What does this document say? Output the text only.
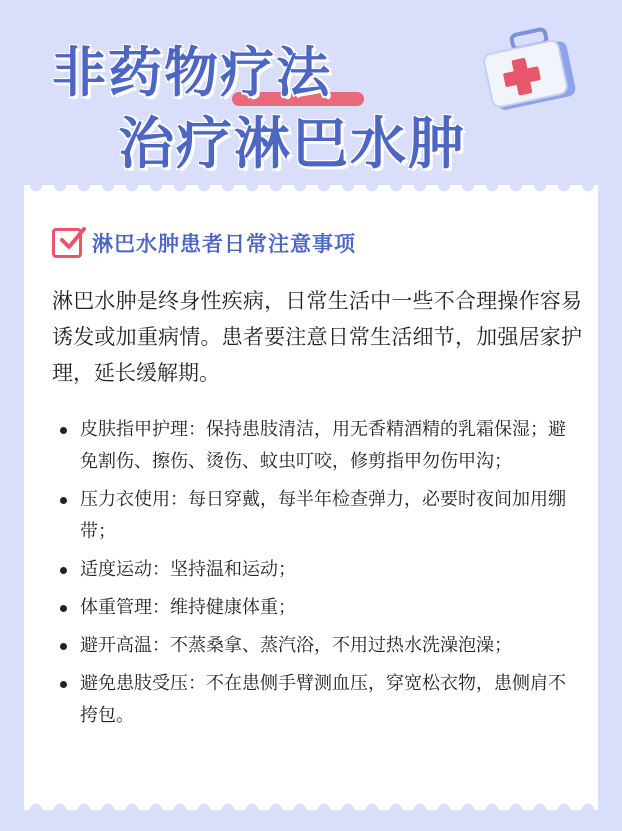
非药物疗法
治疗淋巴水肿
淋巴水肿患者日常注意事项

淋巴水肿是终身性疾病，日常生活中一些不合理操作容易诱发或加重病情。患者要注意日常生活细节，加强居家护理，延长缓解期。

皮肤指甲护理：保持患肢清洁，用无香精酒精的乳霜保湿；避免割伤、擦伤、烫伤、蚊虫叮咬，修剪指甲勿伤甲沟；
压力衣使用：每日穿戴，每半年检查弹力，必要时夜间加用绷带；
适度运动：坚持温和运动；
体重管理：维持健康体重；
避开高温：不蒸桑拿、蒸汽浴，不用过热水洗澡泡澡；
避免患肢受压：不在患侧手臂测血压，穿宽松衣物，患侧肩不挎包。
